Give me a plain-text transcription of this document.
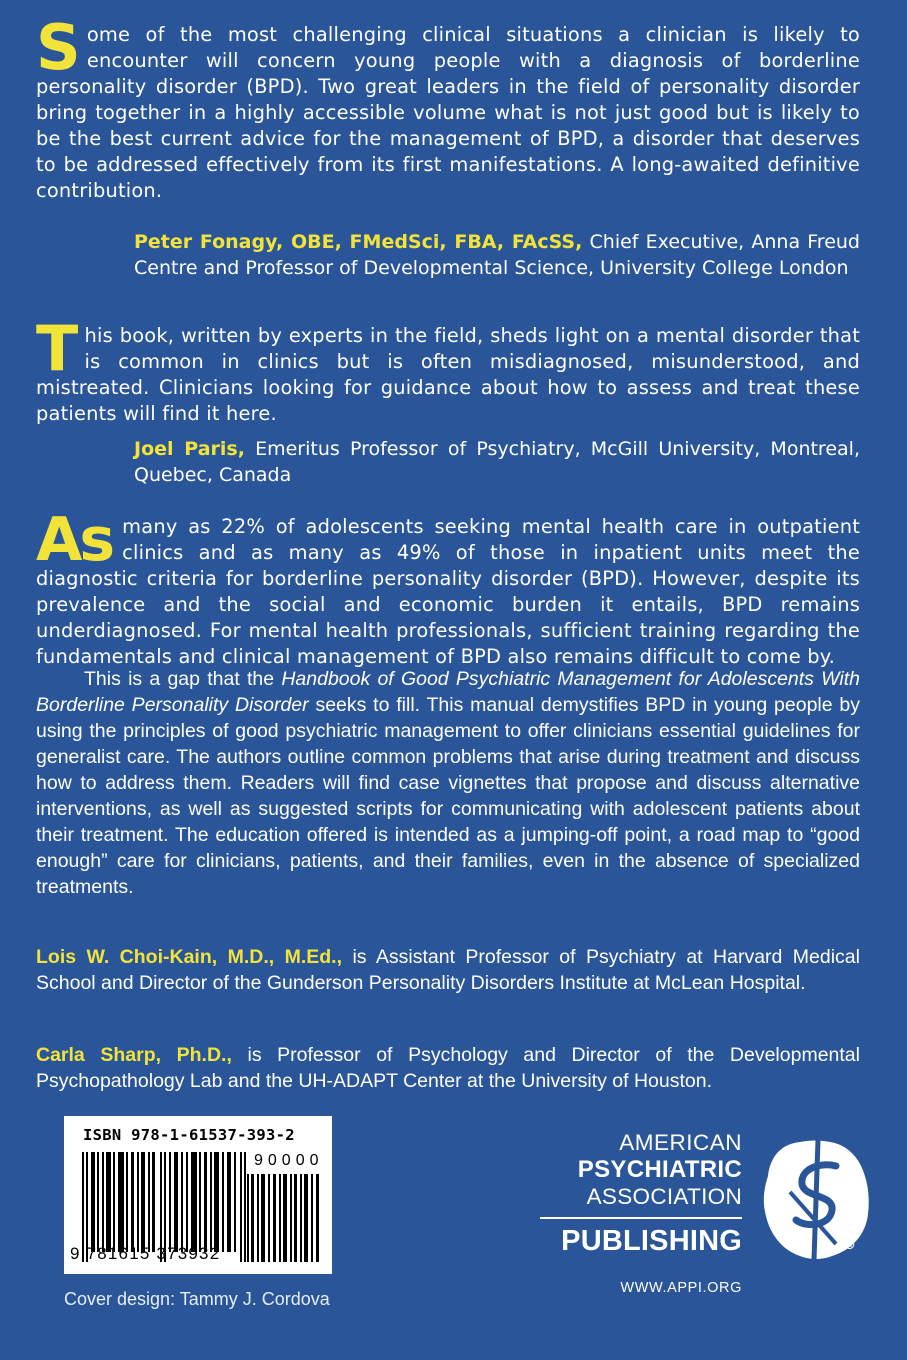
Some of the most challenging clinical situations a clinician is likely to encounter will concern young people with a diagnosis of borderline personality disorder (BPD). Two great leaders in the field of personality disorder bring together in a highly accessible volume what is not just good but is likely to be the best current advice for the management of BPD, a disorder that deserves to be addressed effectively from its first manifestations. A long-awaited definitive contribution.

Peter Fonagy, OBE, FMedSci, FBA, FAcSS, Chief Executive, Anna Freud Centre and Professor of Developmental Science, University College London

This book, written by experts in the field, sheds light on a mental disorder that is common in clinics but is often misdiagnosed, misunderstood, and mistreated. Clinicians looking for guidance about how to assess and treat these patients will find it here.

Joel Paris, Emeritus Professor of Psychiatry, McGill University, Montreal, Quebec, Canada

As many as 22% of adolescents seeking mental health care in outpatient clinics and as many as 49% of those in inpatient units meet the diagnostic criteria for borderline personality disorder (BPD). However, despite its prevalence and the social and economic burden it entails, BPD remains underdiagnosed. For mental health professionals, sufficient training regarding the fundamentals and clinical management of BPD also remains difficult to come by.

This is a gap that the Handbook of Good Psychiatric Management for Adolescents With Borderline Personality Disorder seeks to fill. This manual demystifies BPD in young people by using the principles of good psychiatric management to offer clinicians essential guidelines for generalist care. The authors outline common problems that arise during treatment and discuss how to address them. Readers will find case vignettes that propose and discuss alternative interventions, as well as suggested scripts for communicating with adolescent patients about their treatment. The education offered is intended as a jumping-off point, a road map to “good enough” care for clinicians, patients, and their families, even in the absence of specialized treatments.

Lois W. Choi-Kain, M.D., M.Ed., is Assistant Professor of Psychiatry at Harvard Medical School and Director of the Gunderson Personality Disorders Institute at McLean Hospital.

Carla Sharp, Ph.D., is Professor of Psychology and Director of the Developmental Psychopathology Lab and the UH-ADAPT Center at the University of Houston.

ISBN 978-1-61537-393-2
90000
9 781615 373932
Cover design: Tammy J. Cordova
AMERICAN
PSYCHIATRIC
ASSOCIATION
PUBLISHING
WWW.APPI.ORG
®
